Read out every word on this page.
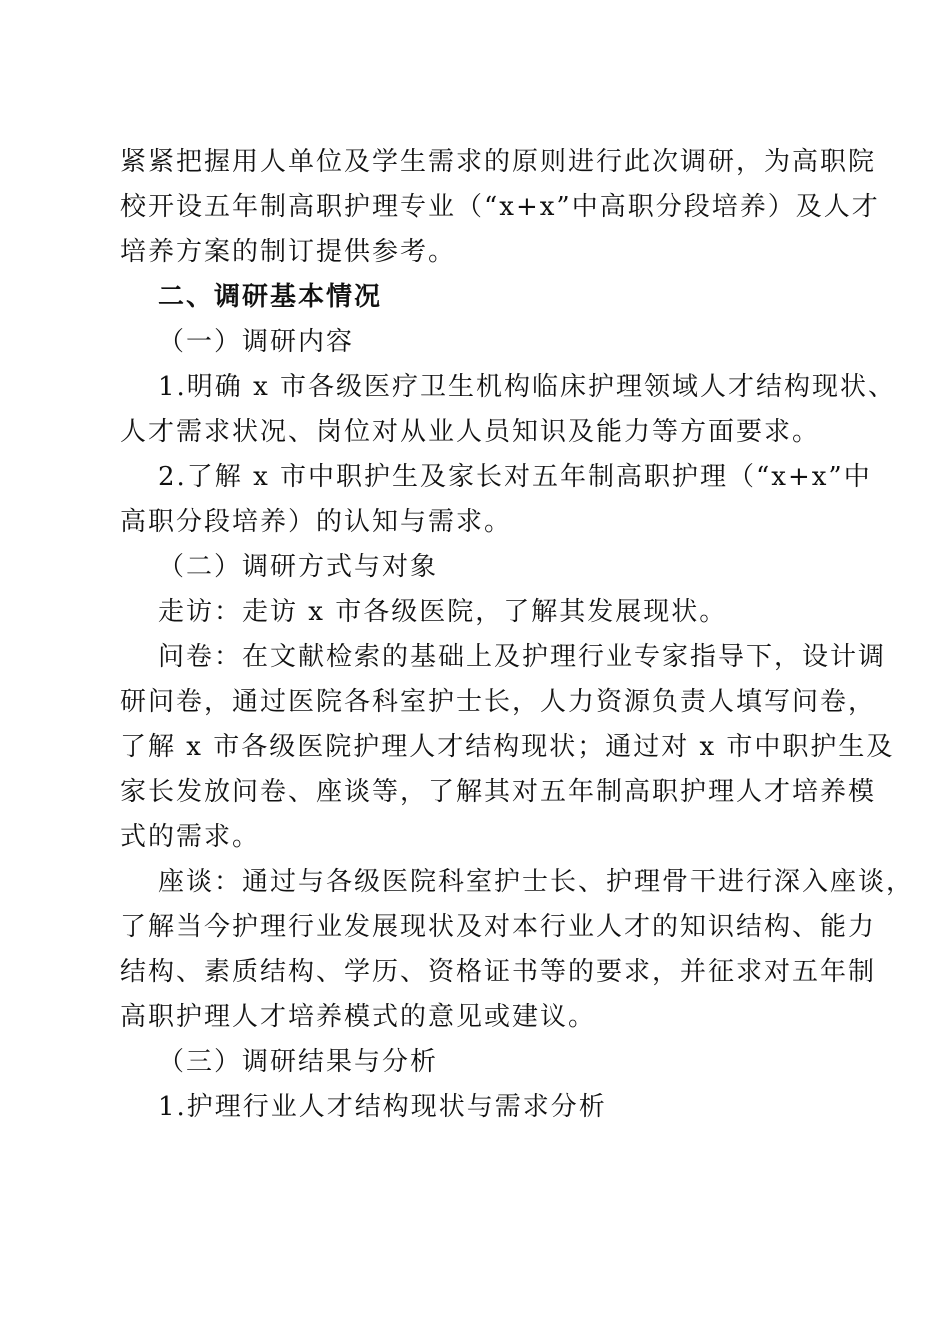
紧紧把握用人单位及学生需求的原则进行此次调研，为高职院
校开设五年制高职护理专业（“x+x”中高职分段培养）及人才
培养方案的制订提供参考。
二、调研基本情况
（一）调研内容
1.明确 x 市各级医疗卫生机构临床护理领域人才结构现状、
人才需求状况、岗位对从业人员知识及能力等方面要求。
2.了解 x 市中职护生及家长对五年制高职护理（“x+x”中
高职分段培养）的认知与需求。
（二）调研方式与对象
走访：走访 x 市各级医院，了解其发展现状。
问卷：在文献检索的基础上及护理行业专家指导下，设计调
研问卷，通过医院各科室护士长，人力资源负责人填写问卷，
了解 x 市各级医院护理人才结构现状；通过对 x 市中职护生及
家长发放问卷、座谈等，了解其对五年制高职护理人才培养模
式的需求。
座谈：通过与各级医院科室护士长、护理骨干进行深入座谈，
了解当今护理行业发展现状及对本行业人才的知识结构、能力
结构、素质结构、学历、资格证书等的要求，并征求对五年制
高职护理人才培养模式的意见或建议。
（三）调研结果与分析
1.护理行业人才结构现状与需求分析
